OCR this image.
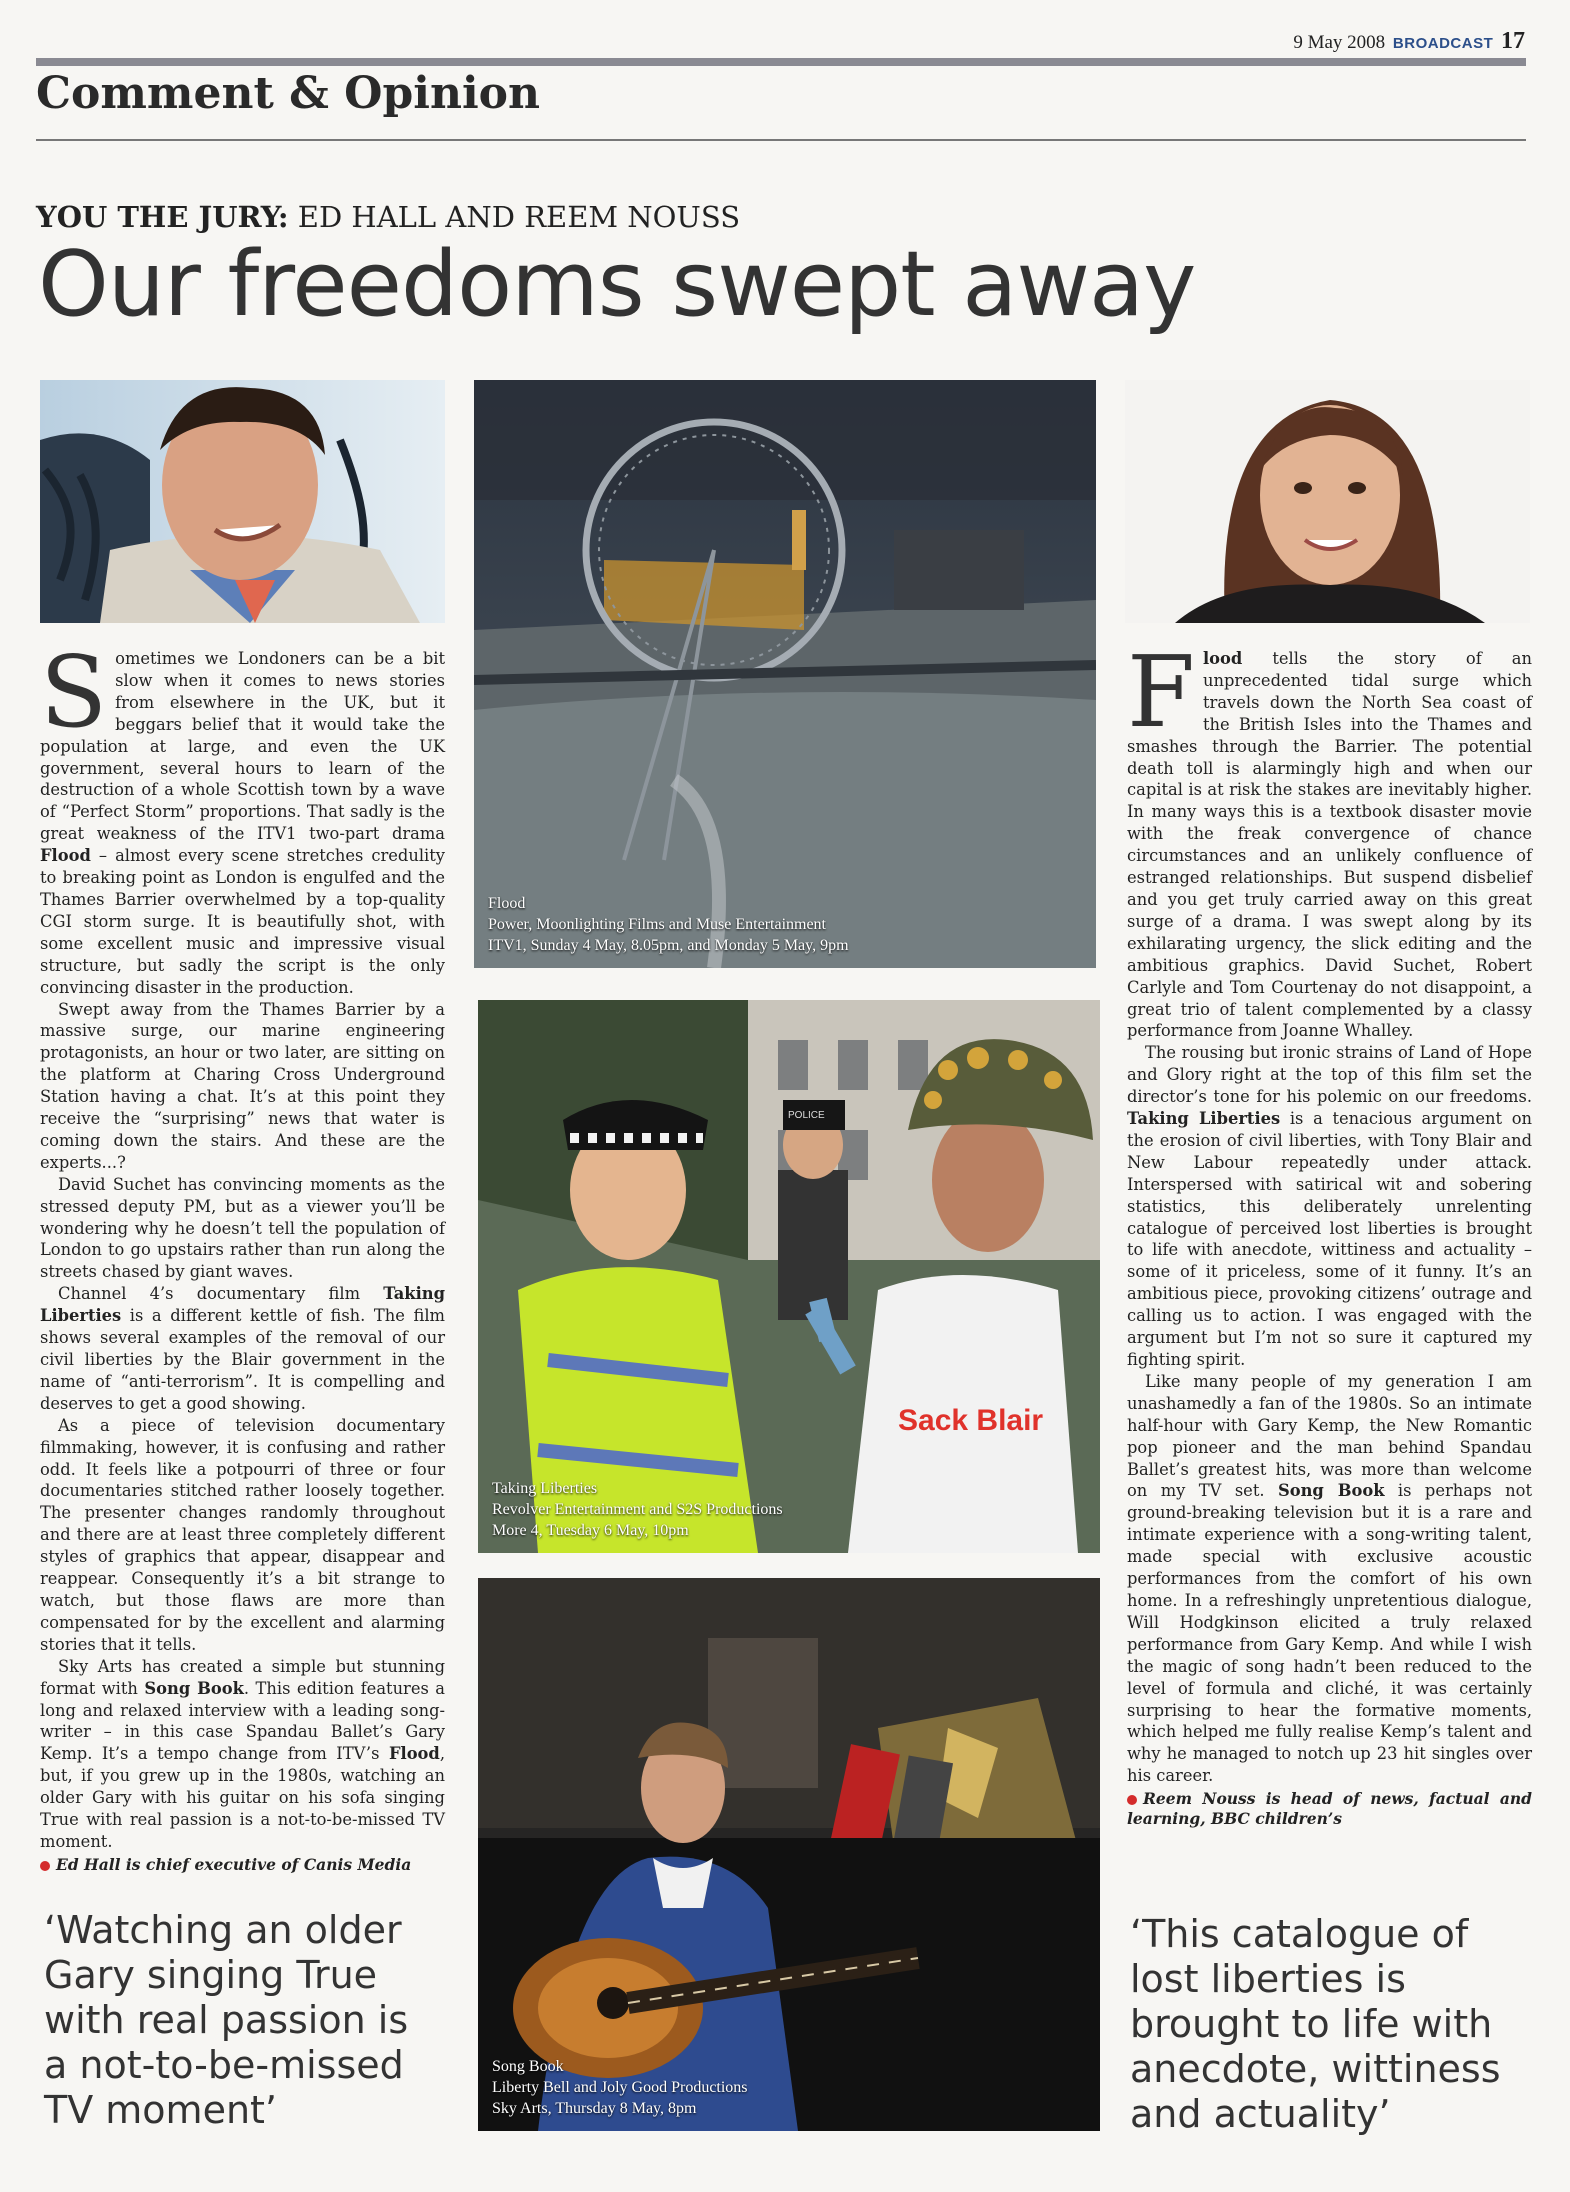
9 May 2008 BROADCAST 17
Comment & Opinion
YOU THE JURY: ED HALL AND REEM NOUSS
Our freedoms swept away
Flood
Power, Moonlighting Films and Muse Entertainment
ITV1, Sunday 4 May, 8.05pm, and Monday 5 May, 9pm
Sack Blair
POLICE
Taking Liberties
Revolver Entertainment and S2S Productions
More 4, Tuesday 6 May, 10pm
Song Book
Liberty Bell and Joly Good Productions
Sky Arts, Thursday 8 May, 8pm

Sometimes we Londoners can be a bit slow when it comes to news stories from elsewhere in the UK, but it beggars belief that it would take the population at large, and even the UK government, several hours to learn of the destruction of a whole Scottish town by a wave of “Perfect Storm” proportions. That sadly is the great weakness of the ITV1 two-part drama Flood – almost every scene stretches credulity to breaking point as London is engulfed and the Thames Barrier overwhelmed by a top-quality CGI storm surge. It is beautifully shot, with some excellent music and impressive visual structure, but sadly the script is the only convincing disaster in the production.

Swept away from the Thames Barrier by a massive surge, our marine engineering protagonists, an hour or two later, are sitting on the platform at Charing Cross Underground Station having a chat. It’s at this point they receive the “surprising” news that water is coming down the stairs. And these are the experts...?

David Suchet has convincing moments as the stressed deputy PM, but as a viewer you’ll be wondering why he doesn’t tell the population of London to go upstairs rather than run along the streets chased by giant waves.

Channel 4’s documentary film Taking Liberties is a different kettle of fish. The film shows several examples of the removal of our civil liberties by the Blair government in the name of “anti-terrorism”. It is compelling and deserves to get a good showing.

As a piece of television documentary filmmaking, however, it is confusing and rather odd. It feels like a potpourri of three or four documentaries stitched rather loosely together. The presenter changes randomly throughout and there are at least three completely different styles of graphics that appear, disappear and reappear. Consequently it’s a bit strange to watch, but those flaws are more than compensated for by the excellent and alarming stories that it tells.

Sky Arts has created a simple but stunning format with Song Book. This edition features a long and relaxed interview with a leading song-writer – in this case Spandau Ballet’s Gary Kemp. It’s a tempo change from ITV’s Flood, but, if you grew up in the 1980s, watching an older Gary with his guitar on his sofa singing True with real passion is a not-to-be-missed TV moment.

Ed Hall is chief executive of Canis Media

Flood tells the story of an unprecedented tidal surge which travels down the North Sea coast of the British Isles into the Thames and smashes through the Barrier. The potential death toll is alarmingly high and when our capital is at risk the stakes are inevitably higher. In many ways this is a textbook disaster movie with the freak convergence of chance circumstances and an unlikely confluence of estranged relationships. But suspend disbelief and you get truly carried away on this great surge of a drama. I was swept along by its exhilarating urgency, the slick editing and the ambitious graphics. David Suchet, Robert Carlyle and Tom Courtenay do not disappoint, a great trio of talent complemented by a classy performance from Joanne Whalley.

The rousing but ironic strains of Land of Hope and Glory right at the top of this film set the director’s tone for his polemic on our freedoms. Taking Liberties is a tenacious argument on the erosion of civil liberties, with Tony Blair and New Labour repeatedly under attack. Interspersed with satirical wit and sobering statistics, this deliberately unrelenting catalogue of perceived lost liberties is brought to life with anecdote, wittiness and actuality – some of it priceless, some of it funny. It’s an ambitious piece, provoking citizens’ outrage and calling us to action. I was engaged with the argument but I’m not so sure it captured my fighting spirit.

Like many people of my generation I am unashamedly a fan of the 1980s. So an intimate half-hour with Gary Kemp, the New Romantic pop pioneer and the man behind Spandau Ballet’s greatest hits, was more than welcome on my TV set. Song Book is perhaps not ground-breaking television but it is a rare and intimate experience with a song-writing talent, made special with exclusive acoustic performances from the comfort of his own home. In a refreshingly unpretentious dialogue, Will Hodgkinson elicited a truly relaxed performance from Gary Kemp. And while I wish the magic of song hadn’t been reduced to the level of formula and cliché, it was certainly surprising to hear the formative moments, which helped me fully realise Kemp’s talent and why he managed to notch up 23 hit singles over his career.

Reem Nouss is head of news, factual and learning, BBC children’s

‘Watching an older Gary singing True with real passion is a not-to-be-missed TV moment’
‘This catalogue of lost liberties is brought to life with anecdote, wittiness and actuality’
